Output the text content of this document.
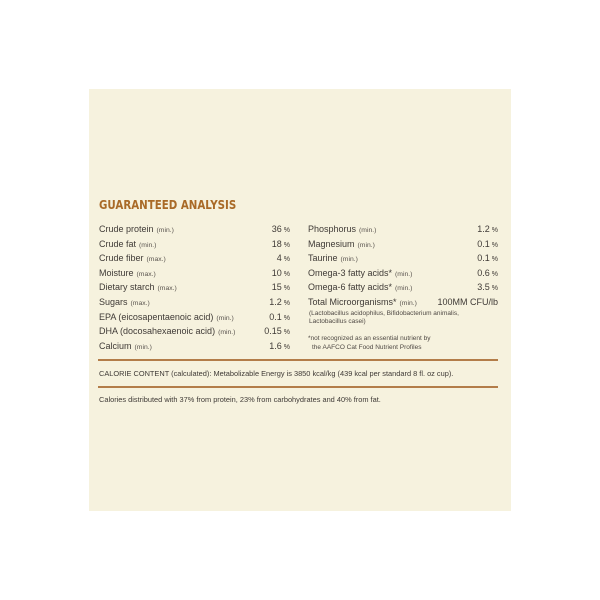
GUARANTEED ANALYSIS
Crude protein (min.)	36 %
Crude fat (min.)	18 %
Crude fiber (max.)	4 %
Moisture (max.)	10 %
Dietary starch (max.)	15 %
Sugars (max.)	1.2 %
EPA (eicosapentaenoic acid) (min.)	0.1 %
DHA (docosahexaenoic acid) (min.)	0.15 %
Calcium (min.)	1.6 %
Phosphorus (min.)	1.2 %
Magnesium (min.)	0.1 %
Taurine (min.)	0.1 %
Omega-3 fatty acids* (min.)	0.6 %
Omega-6 fatty acids* (min.)	3.5 %
Total Microorganisms* (min.) 100MM CFU/lb
(Lactobacillus acidophilus, Bifidobacterium animalis,
Lactobacillus casei)
*not recognized as an essential nutrient by
the AAFCO Cat Food Nutrient Profiles
CALORIE CONTENT (calculated): Metabolizable Energy is 3850 kcal/kg (439 kcal per standard 8 fl. oz cup).
Calories distributed with 37% from protein, 23% from carbohydrates and 40% from fat.
